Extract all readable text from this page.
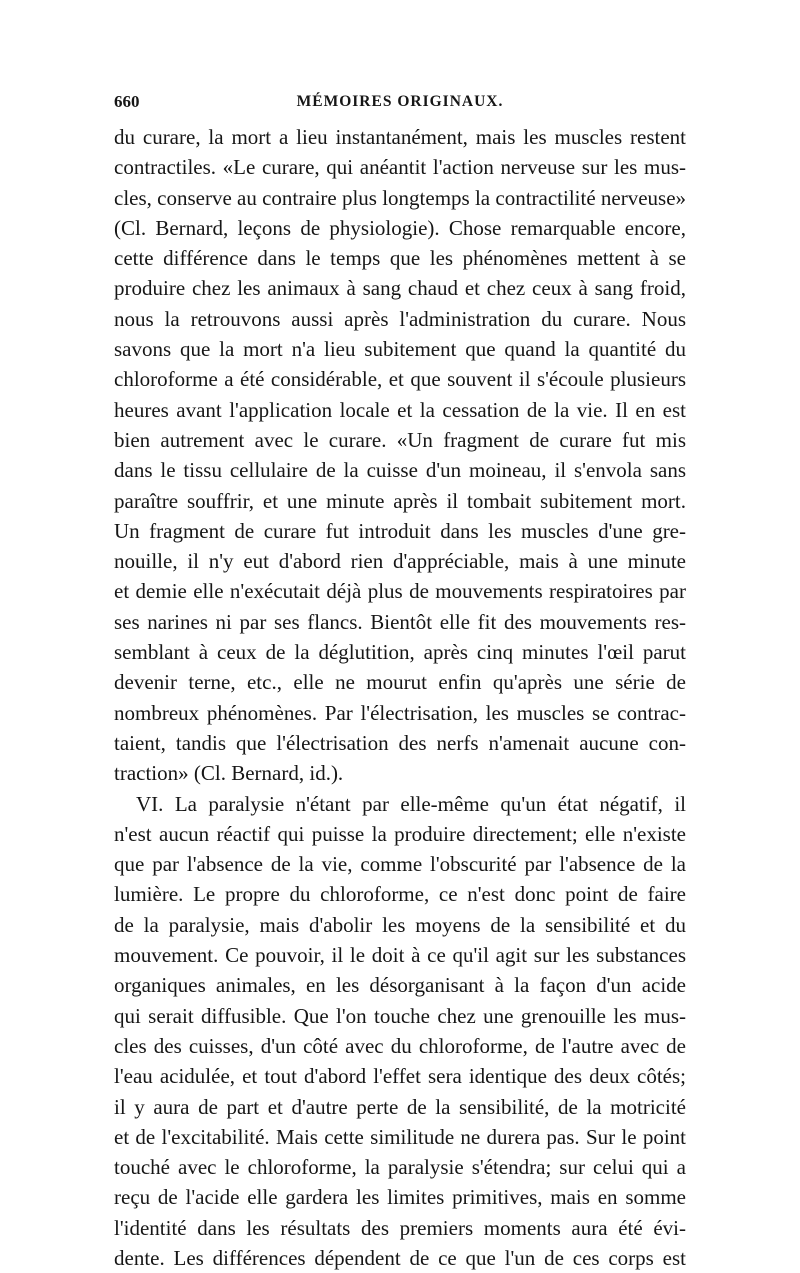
660	MÉMOIRES ORIGINAUX.

du curare, la mort a lieu instantanément, mais les muscles restent
contractiles. «Le curare, qui anéantit l'action nerveuse sur les mus-
cles, conserve au contraire plus longtemps la contractilité nerveuse»
(Cl. Bernard, leçons de physiologie). Chose remarquable encore,
cette différence dans le temps que les phénomènes mettent à se
produire chez les animaux à sang chaud et chez ceux à sang froid,
nous la retrouvons aussi après l'administration du curare. Nous
savons que la mort n'a lieu subitement que quand la quantité du
chloroforme a été considérable, et que souvent il s'écoule plusieurs
heures avant l'application locale et la cessation de la vie. Il en est
bien autrement avec le curare. «Un fragment de curare fut mis
dans le tissu cellulaire de la cuisse d'un moineau, il s'envola sans
paraître souffrir, et une minute après il tombait subitement mort.
Un fragment de curare fut introduit dans les muscles d'une gre-
nouille, il n'y eut d'abord rien d'appréciable, mais à une minute
et demie elle n'exécutait déjà plus de mouvements respiratoires par
ses narines ni par ses flancs. Bientôt elle fit des mouvements res-
semblant à ceux de la déglutition, après cinq minutes l'œil parut
devenir terne, etc., elle ne mourut enfin qu'après une série de
nombreux phénomènes. Par l'électrisation, les muscles se contrac-
taient, tandis que l'électrisation des nerfs n'amenait aucune con-
traction» (Cl. Bernard, id.).

VI. La paralysie n'étant par elle-même qu'un état négatif, il
n'est aucun réactif qui puisse la produire directement; elle n'existe
que par l'absence de la vie, comme l'obscurité par l'absence de la
lumière. Le propre du chloroforme, ce n'est donc point de faire
de la paralysie, mais d'abolir les moyens de la sensibilité et du
mouvement. Ce pouvoir, il le doit à ce qu'il agit sur les substances
organiques animales, en les désorganisant à la façon d'un acide
qui serait diffusible. Que l'on touche chez une grenouille les mus-
cles des cuisses, d'un côté avec du chloroforme, de l'autre avec de
l'eau acidulée, et tout d'abord l'effet sera identique des deux côtés;
il y aura de part et d'autre perte de la sensibilité, de la motricité
et de l'excitabilité. Mais cette similitude ne durera pas. Sur le point
touché avec le chloroforme, la paralysie s'étendra; sur celui qui a
reçu de l'acide elle gardera les limites primitives, mais en somme
l'identité dans les résultats des premiers moments aura été évi-
dente. Les différences dépendent de ce que l'un de ces corps est
